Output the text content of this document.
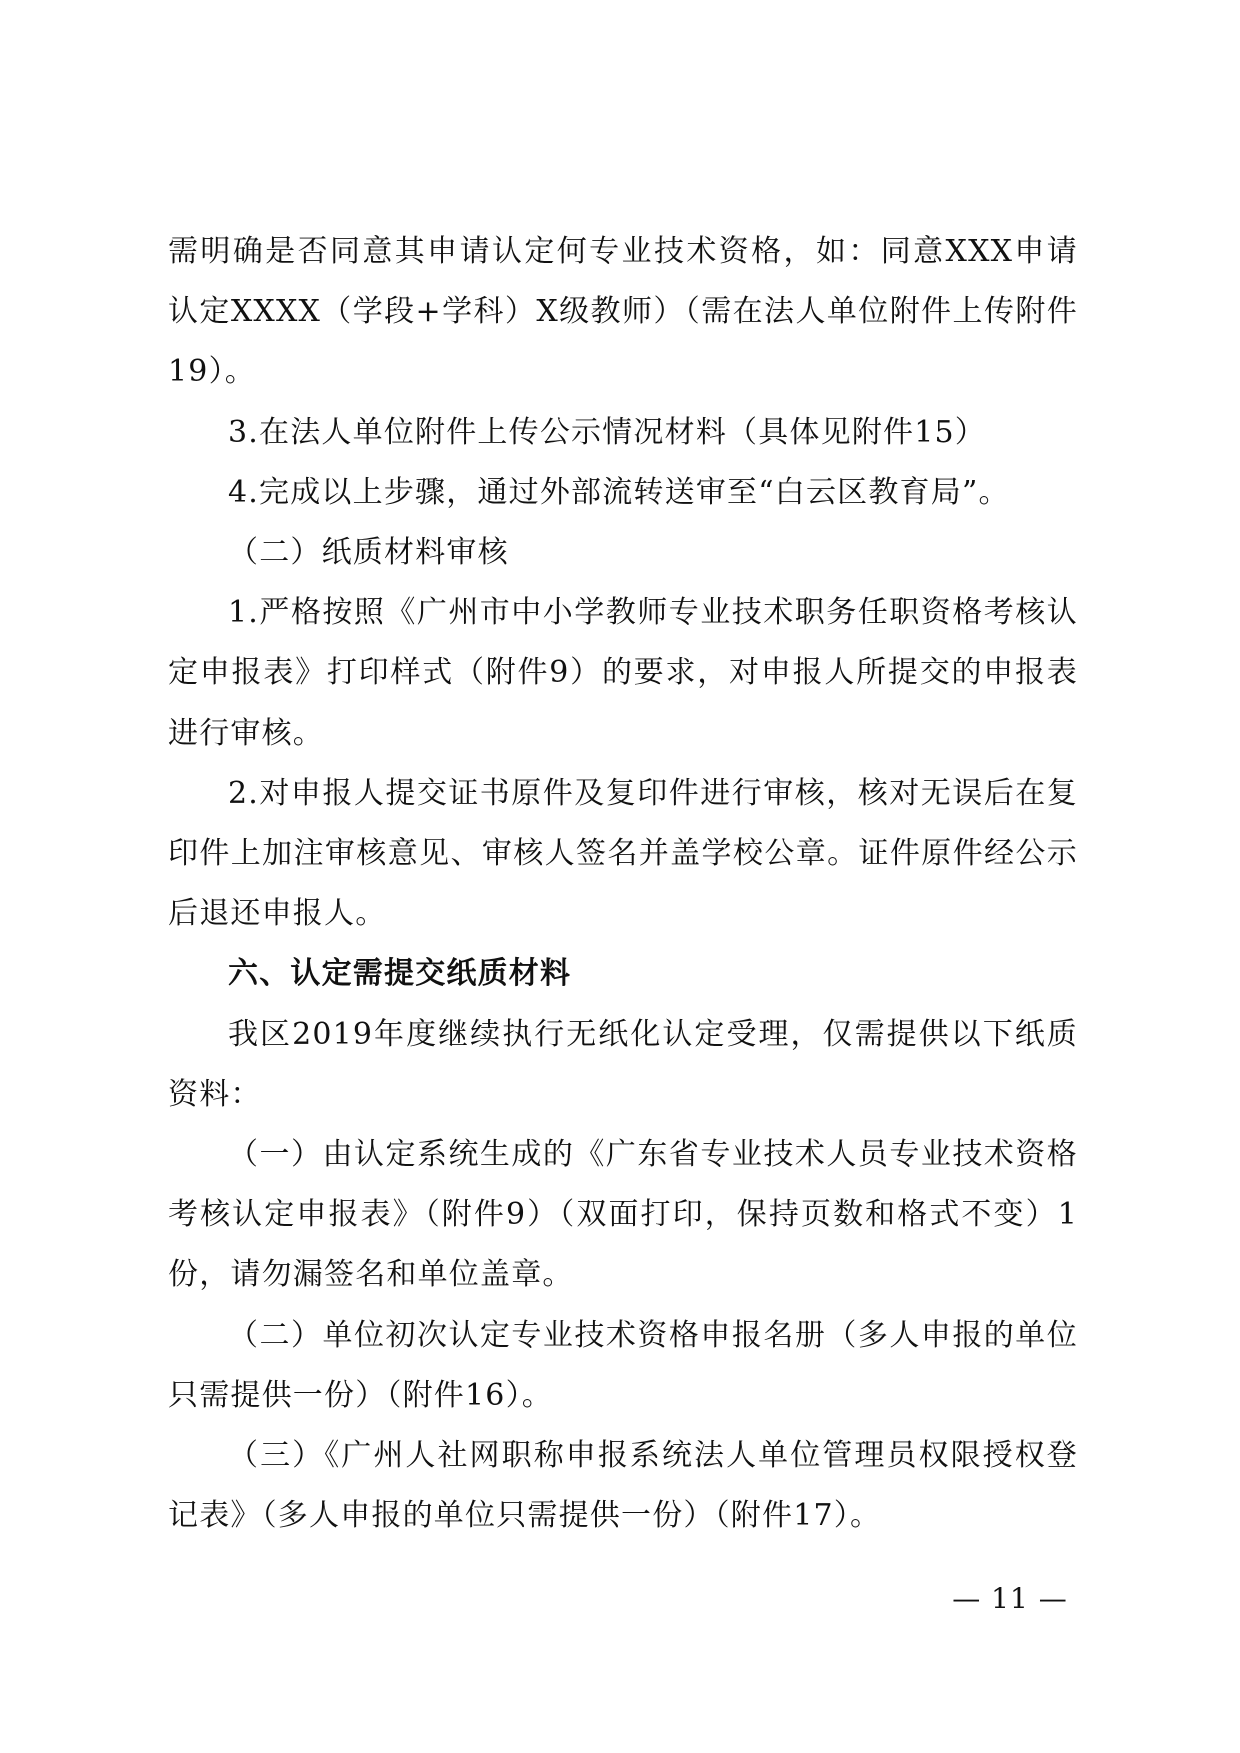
需明确是否同意其申请认定何专业技术资格，如：同意XXX申请认定XXXX（学段+学科）X级教师）（需在法人单位附件上传附件19）。

3.在法人单位附件上传公示情况材料（具体见附件15）

4.完成以上步骤，通过外部流转送审至“白云区教育局”。

（二）纸质材料审核

1.严格按照《广州市中小学教师专业技术职务任职资格考核认定申报表》打印样式（附件9）的要求，对申报人所提交的申报表进行审核。

2.对申报人提交证书原件及复印件进行审核，核对无误后在复印件上加注审核意见、审核人签名并盖学校公章。证件原件经公示后退还申报人。

六、认定需提交纸质材料

我区2019年度继续执行无纸化认定受理，仅需提供以下纸质资料：

（一）由认定系统生成的《广东省专业技术人员专业技术资格考核认定申报表》（附件9）（双面打印，保持页数和格式不变）1份，请勿漏签名和单位盖章。

（二）单位初次认定专业技术资格申报名册（多人申报的单位只需提供一份）（附件16）。

（三）《广州人社网职称申报系统法人单位管理员权限授权登记表》（多人申报的单位只需提供一份）（附件17）。

— 11 —
